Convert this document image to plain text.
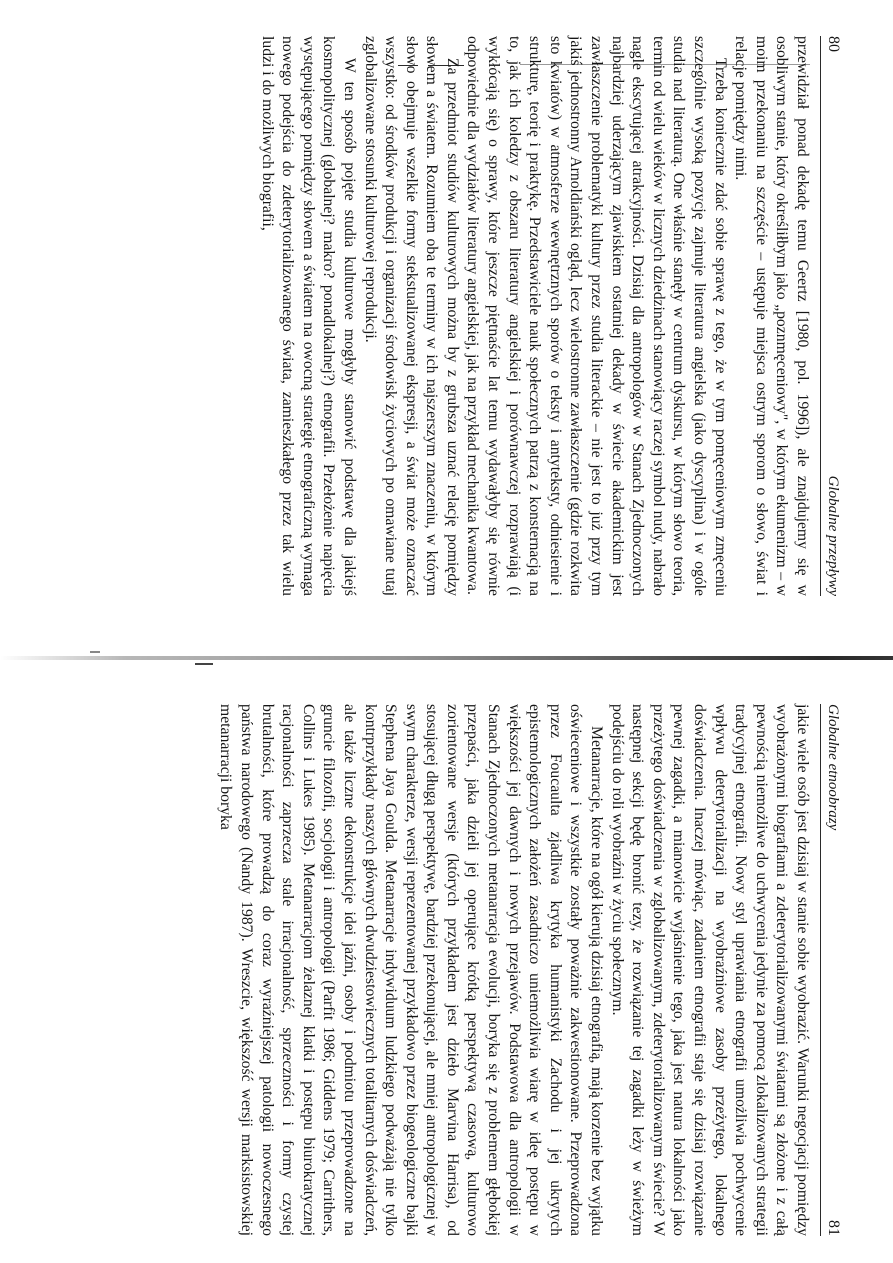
80
Globalne przepływy

przewidział ponad dekadę temu Geertz [1980, pol. 1996]), ale znajdujemy się w osobliwym stanie, który określiłbym jako „poznmęceniowy", w którym ekumenizm – w moim przekonaniu na szczęście – ustępuje miejsca ostrym sporom o słowo, świat i relacje pomiędzy nimi.

Trzeba koniecznie zdać sobie sprawę z tego, że w tym pomęceniowym zmęceniu szczególnie wysoką pozycję zajmuje literatura angielska (jako dyscyplina) i w ogóle studia nad literaturą. One właśnie stanęły w centrum dyskursu, w którym słowo teoria, termin od wielu wieków w licznych dziedzinach stanowiący raczej symbol nudy, nabrało nagle ekscytującej atrakcyjności. Dzisiaj dla antropologów w Stanach Zjednoczonych najbardziej uderzającym zjawiskiem ostatniej dekady w świecie akademickim jest zawłaszczenie problematyki kultury przez studia literackie – nie jest to już przy tym jakiś jednostronny Arnoldiański ogląd, lecz wielostronne zawłaszczenie (gdzie rozkwita sto kwiatów) w atmosferze wewnętrznych sporów o teksty i antyteksty, odniesienie i strukturę, teorię i praktykę. Przedstawiciele nauk społecznych patrzą z konsternacją na to, jak ich koledzy z obszaru literatury angielskiej i porównawczej rozprawiają (i wykłócają się) o sprawy, które jeszcze piętnaście lat temu wydawałyby się równie odpowiednie dla wydziałów literatury angielskiej, jak na przykład mechanika kwantowa.

Za przedmiot studiów kulturowych można by z grubsza uznać relację pomiędzy słowem a światem. Rozumiem oba te terminy w ich najszerszym znaczeniu, w którym słowo obejmuje wszelkie formy stekstualizowanej ekspresji, a świat może oznaczać wszystko: od środków produkcji i organizacji środowisk życiowych po omawiane tutaj zglobalizowane stosunki kulturowej reprodukcji.

W ten sposób pojęte studia kulturowe mogłyby stanowić podstawę dla jakiejś kosmopolitycznej (globalnej? makro? ponadlokalnej?) etnografii. Przełożenie napięcia występującego pomiędzy słowem a światem na owocną strategię etnograficzną wymaga nowego podejścia do zdeterytorializowanego świata, zamieszkałego przez tak wielu ludzi i do możliwych biografii,

Globalne etnoobrazy
81

jakie wiele osób jest dzisiaj w stanie sobie wyobrazić. Warunki negocjacji pomiędzy wyobrażonymi biografiami a zdeterytorializowanymi światami są złożone i z całą pewnością niemożliwe do uchwycenia jedynie za pomocą zlokalizowanych strategii tradycyjnej etnografii. Nowy styl uprawiania etnografii umożliwia pochwycenie wpływu deterytorializacji na wyobraźniowe zasoby przeżytego, lokalnego doświadczenia. Inaczej mówiąc, zadaniem etnografii staje się dzisiaj rozwiązanie pewnej zagadki, a mianowicie wyjaśnienie tego, jaka jest natura lokalności jako przeżytego doświadczenia w zglobalizowanym, zdeterytorializowanym świecie? W następnej sekcji będę bronić tezy, że rozwiązanie tej zagadki leży w świeżym podejściu do roli wyobraźni w życiu społecznym.

Metanarracje, które na ogół kierują dzisiaj etnografią, mają korzenie bez wyjątku oświeceniowe i wszystkie zostały poważnie zakwestionowane. Przeprowadzona przez Foucaulta zjadliwa krytyka humanistyki Zachodu i jej ukrytych epistemologicznych założeń zasadniczo uniemożliwia wiarę w ideę postępu w większości jej dawnych i nowych przejawów. Podstawowa dla antropologii w Stanach Zjednoczonych metanarracja ewolucji, boryka się z problemem głębokiej przepaści, jaka dzieli jej operujące krótką perspektywą czasową, kulturowo zorientowane wersje (których przykładem jest dzieło Marvina Harrisa), od stosującej długą perspektywę, bardziej przekonującej, ale mniej antropologicznej w swym charakterze, wersji reprezentowanej przykładowo przez biogeologiczne bajki Stephena Jaya Goulda. Metanarracje indywiduum ludzkiego podważają nie tylko kontrprzykłady naszych głównych dwudziestowiecznych totalitarnych doświadczeń, ale także liczne dekonstrukcje idei jaźni, osoby i podmiotu przeprowadzone na gruncie filozofii, socjologii i antropologii (Parfit 1986; Giddens 1979; Carrithers, Collins i Lukes 1985). Metanarracjom żelaznej klatki i postępu biurokratycznej racjonalności zaprzecza stale irracjonalność, sprzeczności i formy czystej brutalności, które prowadzą do coraz wyraźniejszej patologii nowoczesnego państwa narodowego (Nandy 1987). Wreszcie, większość wersji marksistowskiej metanarracji boryka
